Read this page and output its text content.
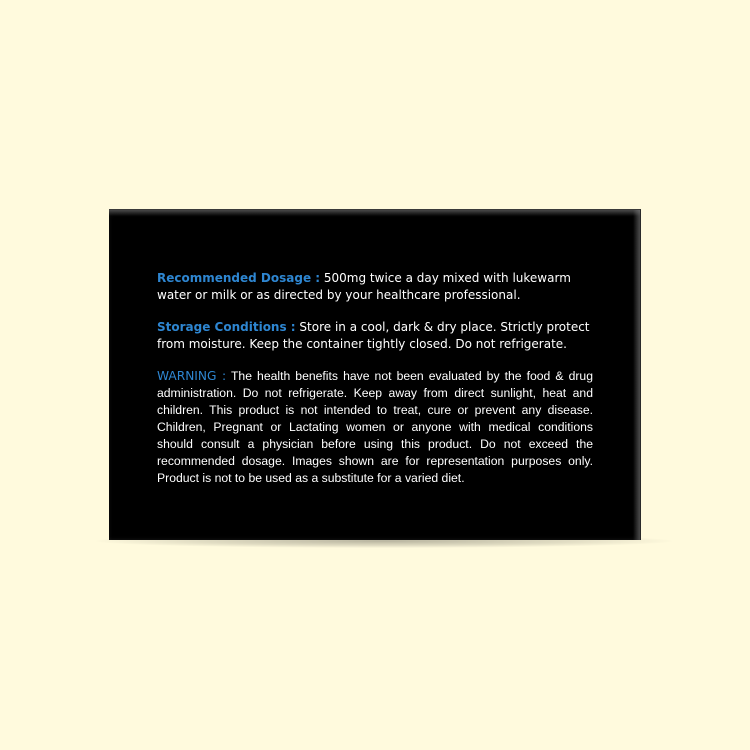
Recommended Dosage : 500mg twice a day mixed with lukewarm water or milk or as directed by your healthcare professional.

Storage Conditions : Store in a cool, dark & dry place. Strictly protect from moisture. Keep the container tightly closed. Do not refrigerate.

WARNING : The health benefits have not been evaluated by the food & drug administration. Do not refrigerate. Keep away from direct sunlight, heat and children. This product is not intended to treat, cure or prevent any disease. Children, Pregnant or Lactating women or anyone with medical conditions should consult a physician before using this product. Do not exceed the recommended dosage. Images shown are for representation purposes only. Product is not to be used as a substitute for a varied diet.
